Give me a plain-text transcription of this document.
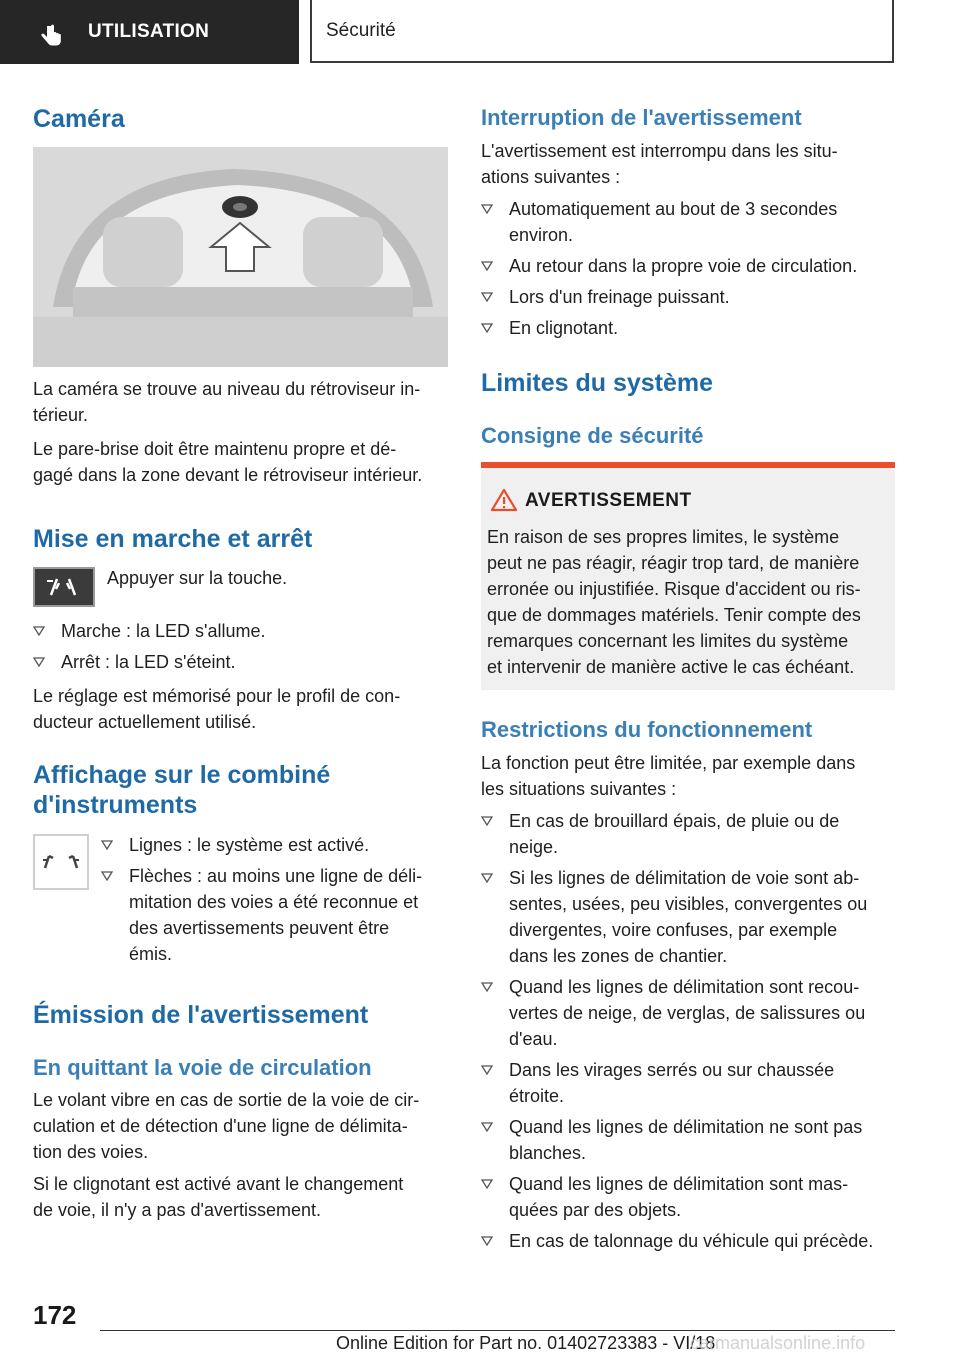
UTILISATION	Sécurité
Caméra

La caméra se trouve au niveau du rétroviseur in-
térieur.

Le pare-brise doit être maintenu propre et dé-
gagé dans la zone devant le rétroviseur intérieur.

Mise en marche et arrêt

Appuyer sur la touche.

Marche : la LED s'allume.
Arrêt : la LED s'éteint.

Le réglage est mémorisé pour le profil de con-
ducteur actuellement utilisé.

Affichage sur le combiné
d'instruments
Lignes : le système est activé.
Flèches : au moins une ligne de déli-
mitation des voies a été reconnue et
des avertissements peuvent être
émis.
Émission de l'avertissement
En quittant la voie de circulation

Le volant vibre en cas de sortie de la voie de cir-
culation et de détection d'une ligne de délimita-
tion des voies.

Si le clignotant est activé avant le changement
de voie, il n'y a pas d'avertissement.

Interruption de l'avertissement

L'avertissement est interrompu dans les situ-
ations suivantes :

Automatiquement au bout de 3 secondes
environ.
Au retour dans la propre voie de circulation.
Lors d'un freinage puissant.
En clignotant.
Limites du système
Consigne de sécurité
AVERTISSEMENT
En raison de ses propres limites, le système
peut ne pas réagir, réagir trop tard, de manière
erronée ou injustifiée. Risque d'accident ou ris-
que de dommages matériels. Tenir compte des
remarques concernant les limites du système
et intervenir de manière active le cas échéant.
Restrictions du fonctionnement

La fonction peut être limitée, par exemple dans
les situations suivantes :

En cas de brouillard épais, de pluie ou de
neige.
Si les lignes de délimitation de voie sont ab-
sentes, usées, peu visibles, convergentes ou
divergentes, voire confuses, par exemple
dans les zones de chantier.
Quand les lignes de délimitation sont recou-
vertes de neige, de verglas, de salissures ou
d'eau.
Dans les virages serrés ou sur chaussée
étroite.
Quand les lignes de délimitation ne sont pas
blanches.
Quand les lignes de délimitation sont mas-
quées par des objets.
En cas de talonnage du véhicule qui précède.
172
Online Edition for Part no. 01402723383 - VI/18
carmanualsonline.info
